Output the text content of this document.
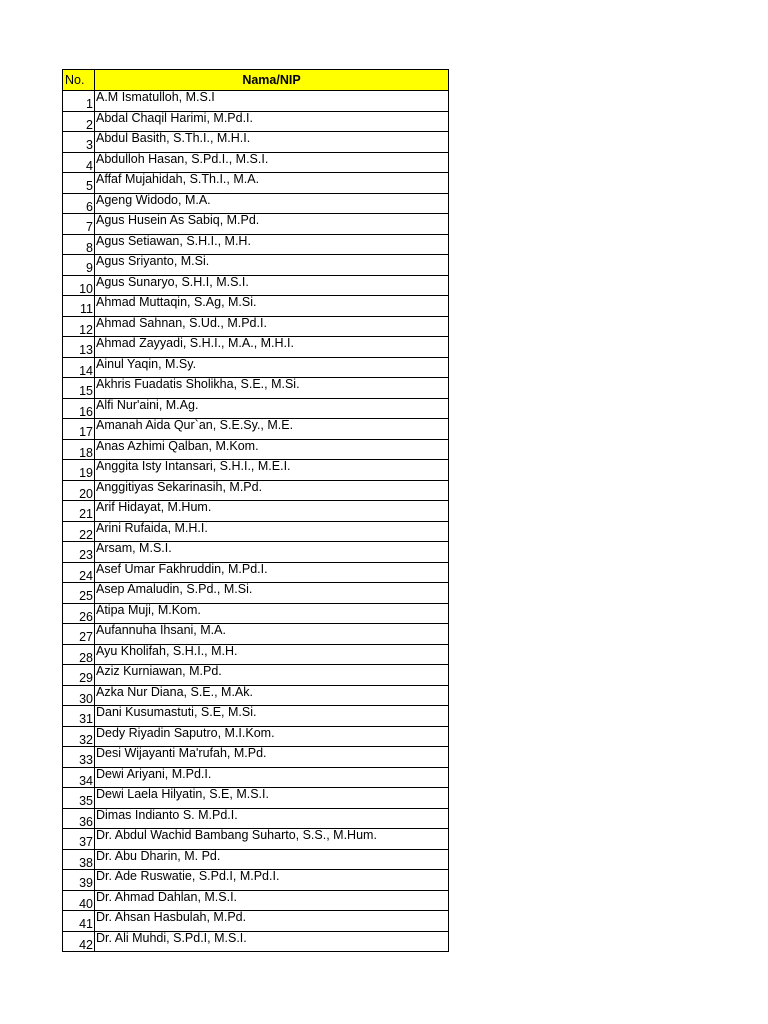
No.	Nama/NIP
1	A.M Ismatulloh, M.S.I
2	Abdal Chaqil Harimi, M.Pd.I.
3	Abdul Basith, S.Th.I., M.H.I.
4	Abdulloh Hasan, S.Pd.I., M.S.I.
5	Affaf Mujahidah, S.Th.I., M.A.
6	Ageng Widodo, M.A.
7	Agus Husein As Sabiq, M.Pd.
8	Agus Setiawan, S.H.I., M.H.
9	Agus Sriyanto, M.Si.
10	Agus Sunaryo, S.H.I, M.S.I.
11	Ahmad Muttaqin, S.Ag, M.Si.
12	Ahmad Sahnan, S.Ud., M.Pd.I.
13	Ahmad Zayyadi, S.H.I., M.A., M.H.I.
14	Ainul Yaqin, M.Sy.
15	Akhris Fuadatis Sholikha, S.E., M.Si.
16	Alfi Nur'aini, M.Ag.
17	Amanah Aida Qur`an, S.E.Sy., M.E.
18	Anas Azhimi Qalban, M.Kom.
19	Anggita Isty Intansari, S.H.I., M.E.I.
20	Anggitiyas Sekarinasih, M.Pd.
21	Arif Hidayat, M.Hum.
22	Arini Rufaida, M.H.I.
23	Arsam, M.S.I.
24	Asef Umar Fakhruddin, M.Pd.I.
25	Asep Amaludin, S.Pd., M.Si.
26	Atipa Muji, M.Kom.
27	Aufannuha Ihsani, M.A.
28	Ayu Kholifah, S.H.I., M.H.
29	Aziz Kurniawan, M.Pd.
30	Azka Nur Diana, S.E., M.Ak.
31	Dani Kusumastuti, S.E, M.Si.
32	Dedy Riyadin Saputro, M.I.Kom.
33	Desi Wijayanti Ma'rufah, M.Pd.
34	Dewi Ariyani, M.Pd.I.
35	Dewi Laela Hilyatin, S.E, M.S.I.
36	Dimas Indianto S. M.Pd.I.
37	Dr. Abdul Wachid Bambang Suharto, S.S., M.Hum.
38	Dr. Abu Dharin, M. Pd.
39	Dr. Ade Ruswatie, S.Pd.I, M.Pd.I.
40	Dr. Ahmad Dahlan, M.S.I.
41	Dr. Ahsan Hasbulah, M.Pd.
42	Dr. Ali Muhdi, S.Pd.I, M.S.I.
